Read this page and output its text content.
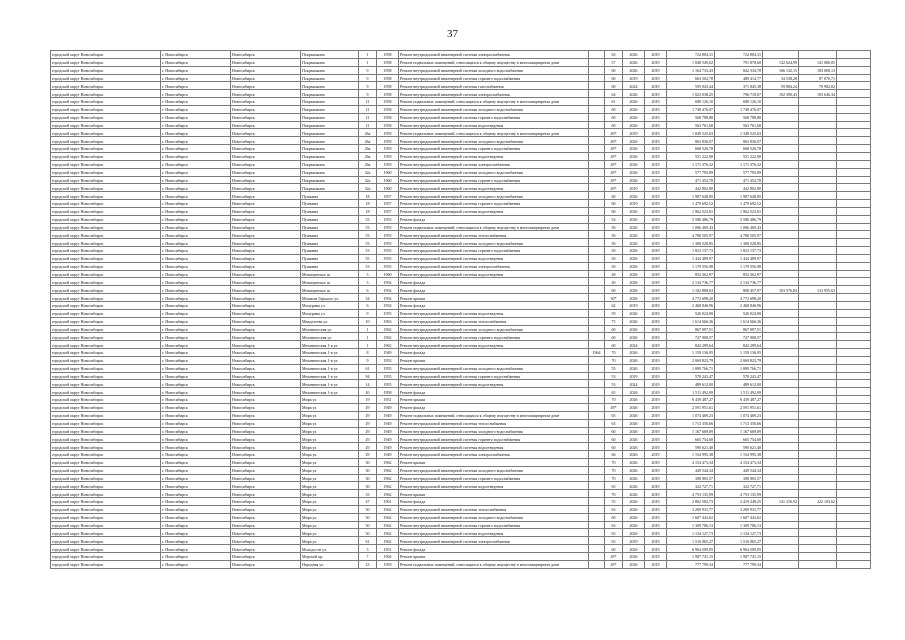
37
городской округ Новосибирск	г. Новосибирск	Новосибирск	Покрышкина	1	1958	Ремонт внутридомовой инженерной системы электроснабжения		63	2026	2019	724 804,31	724 804,31			
городской округ Новосибирск	г. Новосибирск	Новосибирск	Покрышкина	1	1958	Ремонт подвальных помещений, относящихся к общему имуществу в многоквартирном доме		57	2026	2019	1 048 549,02	791 878,60	132 624,99	141 086,05	
городской округ Новосибирск	г. Новосибирск	Новосибирск	Покрышкина	9	1958	Ремонт внутридомовой инженерной системы холодного водоснабжения		60	2026	2019	1 164 733,43	842 334,78	166 132,15	183 000,13	
городской округ Новосибирск	г. Новосибирск	Новосибирск	Покрышкина	9	1958	Ремонт внутридомовой инженерной системы горячего водоснабжения		60	2019	2019	663 502,78	489 414,77	34 538,28	87 070,71	
городской округ Новосибирск	г. Новосибирск	Новосибирск	Покрышкина	9	1958	Ремонт внутридомовой инженерной системы газоснабжения		60	2024	2019	595 043,44	371 845,38	59 884,24	70 982,82	
городской округ Новосибирск	г. Новосибирск	Новосибирск	Покрышкина	9	1958	Ремонт внутридомовой инженерной системы электроснабжения		64	2026	2019	1 023 038,25	796 718,07	102 390,43	103 646,34	
городской округ Новосибирск	г. Новосибирск	Новосибирск	Покрышкина	11	1958	Ремонт подвальных помещений, относящихся к общему имуществу в многоквартирном доме		61	2026	2019	688 126,10	688 126,10			
городской округ Новосибирск	г. Новосибирск	Новосибирск	Покрышкина	11	1958	Ремонт внутридомовой инженерной системы холодного водоснабжения		60	2026	2019	1 748 476,07	1 748 476,07			
городской округ Новосибирск	г. Новосибирск	Новосибирск	Покрышкина	11	1958	Ремонт внутридомовой инженерной системы горячего водоснабжения		60	2026	2019	568 788,88	568 788,88			
городской округ Новосибирск	г. Новосибирск	Новосибирск	Покрышкина	11	1958	Ремонт внутридомовой инженерной системы водоотведения		60	2026	2019	563 761,68	563 761,68			
городской округ Новосибирск	г. Новосибирск	Новосибирск	Покрышкина	26а	1959	Ремонт подвальных помещений, относящихся к общему имуществу в многоквартирном доме		49*	2019	2019	1 849 525,63	1 348 525,63			
городской округ Новосибирск	г. Новосибирск	Новосибирск	Покрышкина	26а	1959	Ремонт внутридомовой инженерной системы холодного водоснабжения		49*	2026	2019	863 836,97	863 836,97			
городской округ Новосибирск	г. Новосибирск	Новосибирск	Покрышкина	26а	1959	Ремонт внутридомовой инженерной системы горячего водоснабжения		49*	2026	2019	668 520,78	668 520,78			
городской округ Новосибирск	г. Новосибирск	Новосибирск	Покрышкина	26а	1959	Ремонт внутридомовой инженерной системы водоотведения		49*	2026	2019	551 222,90	551 222,90			
городской округ Новосибирск	г. Новосибирск	Новосибирск	Покрышкина	26а	1959	Ремонт внутридомовой инженерной системы электроснабжения		49*	2026	2019	1 171 376,32	1 171 376,32			
городской округ Новосибирск	г. Новосибирск	Новосибирск	Покрышкина	32а	1960	Ремонт внутридомовой инженерной системы холодного водоснабжения		49*	2026	2019	577 795,89	577 795,89			
городской округ Новосибирск	г. Новосибирск	Новосибирск	Покрышкина	32а	1960	Ремонт внутридомовой инженерной системы горячего водоснабжения		49*	2026	2019	471 452,78	471 452,78			
городской округ Новосибирск	г. Новосибирск	Новосибирск	Покрышкина	32а	1960	Ремонт внутридомовой инженерной системы водоотведения		49*	2019	2019	442 802,90	442 802,90			
городской округ Новосибирск	г. Новосибирск	Новосибирск	Пушкина	18	1957	Ремонт внутридомовой инженерной системы холодного водоснабжения		60	2026	2019	1 987 648,85	1 987 648,85			
городской округ Новосибирск	г. Новосибирск	Новосибирск	Пушкина	18	1957	Ремонт внутридомовой инженерной системы горячего водоснабжения		60	2019	2019	1 479 692,52	1 479 692,52			
городской округ Новосибирск	г. Новосибирск	Новосибирск	Пушкина	18	1957	Ремонт внутридомовой инженерной системы водоотведения		60	2026	2019	1 962 523,61	1 962 523,61			
городской округ Новосибирск	г. Новосибирск	Новосибирск	Пушкина	53	1955	Ремонт фасада		54	2026	2019	5 586 486,79	5 586 486,79			
городской округ Новосибирск	г. Новосибирск	Новосибирск	Пушкина	53	1955	Ремонт подвальных помещений, относящихся к общему имуществу в многоквартирном доме		50	2026	2019	1 066 469,43	1 066 469,43			
городской округ Новосибирск	г. Новосибирск	Новосибирск	Пушкина	53	1955	Ремонт внутридомовой инженерной системы теплоснабжения		50	2026	2019	4 780 505,97	4 780 505,97			
городской округ Новосибирск	г. Новосибирск	Новосибирск	Пушкина	53	1955	Ремонт внутридомовой инженерной системы холодного водоснабжения		50	2026	2019	1 300 528,85	1 300 528,85			
городской округ Новосибирск	г. Новосибирск	Новосибирск	Пушкина	53	1955	Ремонт внутридомовой инженерной системы горячего водоснабжения		50	2026	2019	1 823 137,73	1 823 137,73			
городской округ Новосибирск	г. Новосибирск	Новосибирск	Пушкина	55	1955	Ремонт внутридомовой инженерной системы водоотведения		50	2026	2019	1 444 489,97	1 444 489,97			
городской округ Новосибирск	г. Новосибирск	Новосибирск	Пушкина	53	1955	Ремонт внутридомовой инженерной системы электроснабжения		50	2026	2019	1 179 556,98	1 179 556,98			
городской округ Новосибирск	г. Новосибирск	Новосибирск	Мочищенское ш.	3	1960	Ремонт внутридомовой инженерной системы водоотведения		48	2026	2019	852 362,97	852 362,97			
городской округ Новосибирск	г. Новосибирск	Новосибирск	Мочищенское ш.	3	1954	Ремонт фасада		49	2026	2019	2 134 736,77	2 134 736,77			
городской округ Новосибирск	г. Новосибирск	Новосибирск	Мочищенское ш.	6	1954	Ремонт фасада		60	2026	2019	1 102 888,63	808 457,97	103 576,84	133 955,63	
городской округ Новосибирск	г. Новосибирск	Новосибирск	Михаила Горького ул.	34	1954	Ремонт крыши		30*	2026	2019	4 772 698,20	4 772 698,20			
городской округ Новосибирск	г. Новосибирск	Новосибирск	Мичурина ул.	6	1954	Ремонт фасада		62	2019	2019	2 468 846,96	2 468 846,96			
городской округ Новосибирск	г. Новосибирск	Новосибирск	Мичурина ул.	9	1955	Ремонт внутридомовой инженерной системы водоотведения		59	2026	2019	526 024,00	526 024,00			
городской округ Новосибирск	г. Новосибирск	Новосибирск	Менделеева ул.	10	1963	Ремонт внутридомовой инженерной системы теплоснабжения		75	2026	2019	1 614 666,36	1 614 666,36			
городской округ Новосибирск	г. Новосибирск	Новосибирск	Механическая ул.	1	1962	Ремонт внутридомовой инженерной системы холодного водоснабжения		60	2026	2019	867 097,51	867 097,51			
городской округ Новосибирск	г. Новосибирск	Новосибирск	Механическая ул.	1	1962	Ремонт внутридомовой инженерной системы горячего водоснабжения		60	2026	2019	727 908,57	727 908,57			
городской округ Новосибирск	г. Новосибирск	Новосибирск	Механическая 1-я ул.	1	1962	Ремонт внутридомовой инженерной системы водоотведения		60	2024	2019	842 299,64	842 299,64			
городской округ Новосибирск	г. Новосибирск	Новосибирск	Механическая 1-я ул.	8	1949	Ремонт фасада	1964	70	2026	2019	1 159 136,95	1 159 136,95			
городской округ Новосибирск	г. Новосибирск	Новосибирск	Механическая 1-я ул.	9	1953	Ремонт крыши		70	2026	2019	2 069 823,79	2 069 823,79			
городской округ Новосибирск	г. Новосибирск	Новосибирск	Механическая 1-я ул.	61	1955	Ремонт внутридомовой инженерной системы холодного водоснабжения		55	2026	2019	1 089 766,71	1 089 766,71			
городской округ Новосибирск	г. Новосибирск	Новосибирск	Механическая 1-я ул.	94	1955	Ремонт внутридомовой инженерной системы горячего водоснабжения		53	2019	2019	570 243,47	570 243,47			
городской округ Новосибирск	г. Новосибирск	Новосибирск	Механическая 1-я ул.	14	1955	Ремонт внутридомовой инженерной системы водоотведения		53	2024	2019	489 612,00	489 612,00			
городской округ Новосибирск	г. Новосибирск	Новосибирск	Механическая 1-я ул.	20	1958	Ремонт фасада		65	2026	2019	1 511 492,09	1 511 492,09			
городской округ Новосибирск	г. Новосибирск	Новосибирск	Мира ул.	19	1951	Ремонт крыши		70	2026	2019	6 439 487,27	6 439 487,27			
городской округ Новосибирск	г. Новосибирск	Новосибирск	Мира ул.	29	1949	Ремонт фасада		49*	2026	2019	2 591 951,61	2 591 951,61			
городской округ Новосибирск	г. Новосибирск	Новосибирск	Мира ул.	29	1949	Ремонт подвальных помещений, относящихся к общему имуществу в многоквартирном доме		65	2026	2019	1 074 469,23	1 074 469,23			
городской округ Новосибирск	г. Новосибирск	Новосибирск	Мира ул.	29	1949	Ремонт внутридомовой инженерной системы теплоснабжения		63	2026	2019	1 713 356,66	1 713 356,66			
городской округ Новосибирск	г. Новосибирск	Новосибирск	Мира ул.	29	1949	Ремонт внутридомовой инженерной системы холодного водоснабжения		60	2026	2019	1 167 669,09	1 167 669,09			
городской округ Новосибирск	г. Новосибирск	Новосибирск	Мира ул.	29	1949	Ремонт внутридомовой инженерной системы горячего водоснабжения		60	2026	2019	665 754,60	665 754,60			
городской округ Новосибирск	г. Новосибирск	Новосибирск	Мира ул.	29	1949	Ремонт внутридомовой инженерной системы водоотведения		60	2026	2019	590 621,40	590 621,40			
городской округ Новосибирск	г. Новосибирск	Новосибирск	Мира ул.	29	1949	Ремонт внутридомовой инженерной системы электроснабжения		66	2026	2019	1 154 995,38	1 154 995,38			
городской округ Новосибирск	г. Новосибирск	Новосибирск	Мира ул.	30	1962	Ремонт крыши		70	2026	2019	4 154 473,34	4 154 473,34			
городской округ Новосибирск	г. Новосибирск	Новосибирск	Мира ул.	30	1962	Ремонт внутридомовой инженерной системы холодного водоснабжения		70	2026	2019	449 544,34	449 544,34			
городской округ Новосибирск	г. Новосибирск	Новосибирск	Мира ул.	30	1962	Ремонт внутридомовой инженерной системы горячего водоснабжения		70	2026	2019	398 805,57	398 805,57			
городской округ Новосибирск	г. Новосибирск	Новосибирск	Мира ул.	30	1962	Ремонт внутридомовой инженерной системы водоотведения		65	2026	2019	322 727,71	322 727,71			
городской округ Новосибирск	г. Новосибирск	Новосибирск	Мира ул.	33	1962	Ремонт крыши		70	2026	2019	4 753 135,99	4 753 135,99			
городской округ Новосибирск	г. Новосибирск	Новосибирск	Мира ул.	47	1961	Ремонт фасада		55	2026	2019	2 862 582,73	2 419 248,25	141 216,92	222 103,62	
городской округ Новосибирск	г. Новосибирск	Новосибирск	Мира ул.	50	1962	Ремонт внутридомовой инженерной системы теплоснабжения		63	2026	2019	3 269 931,77	3 269 931,77			
городской округ Новосибирск	г. Новосибирск	Новосибирск	Мира ул.	50	1962	Ремонт внутридомовой инженерной системы холодного водоснабжения		60	2026	2019	1 607 443,02	1 607 443,02			
городской округ Новосибирск	г. Новосибирск	Новосибирск	Мира ул.	50	1962	Ремонт внутридомовой инженерной системы горячего водоснабжения		63	2026	2019	1 309 786,13	1 309 786,13			
городской округ Новосибирск	г. Новосибирск	Новосибирск	Мира ул.	50	1962	Ремонт внутридомовой инженерной системы водоотведения		63	2026	2019	1 134 127,73	1 134 127,73			
городской округ Новосибирск	г. Новосибирск	Новосибирск	Мира ул.	61	1962	Ремонт внутридомовой инженерной системы электроснабжения		63	2019	2019	1 516 065,27	1 516 065,27			
городской округ Новосибирск	г. Новосибирск	Новосибирск	Молодости ул.	3	1951	Ремонт фасада		60	2026	2019	6 964 509,05	6 964 509,05			
городской округ Новосибирск	г. Новосибирск	Новосибирск	Морской пр.	7	1964	Ремонт крыши		49*	2026	2019	1 987 741,15	1 987 741,15			
городской округ Новосибирск	г. Новосибирск	Новосибирск	Народная ул.	23	1959	Ремонт подвальных помещений, относящихся к общему имуществу в многоквартирном доме		49*	2026	2019	777 799,34	777 799,34			
